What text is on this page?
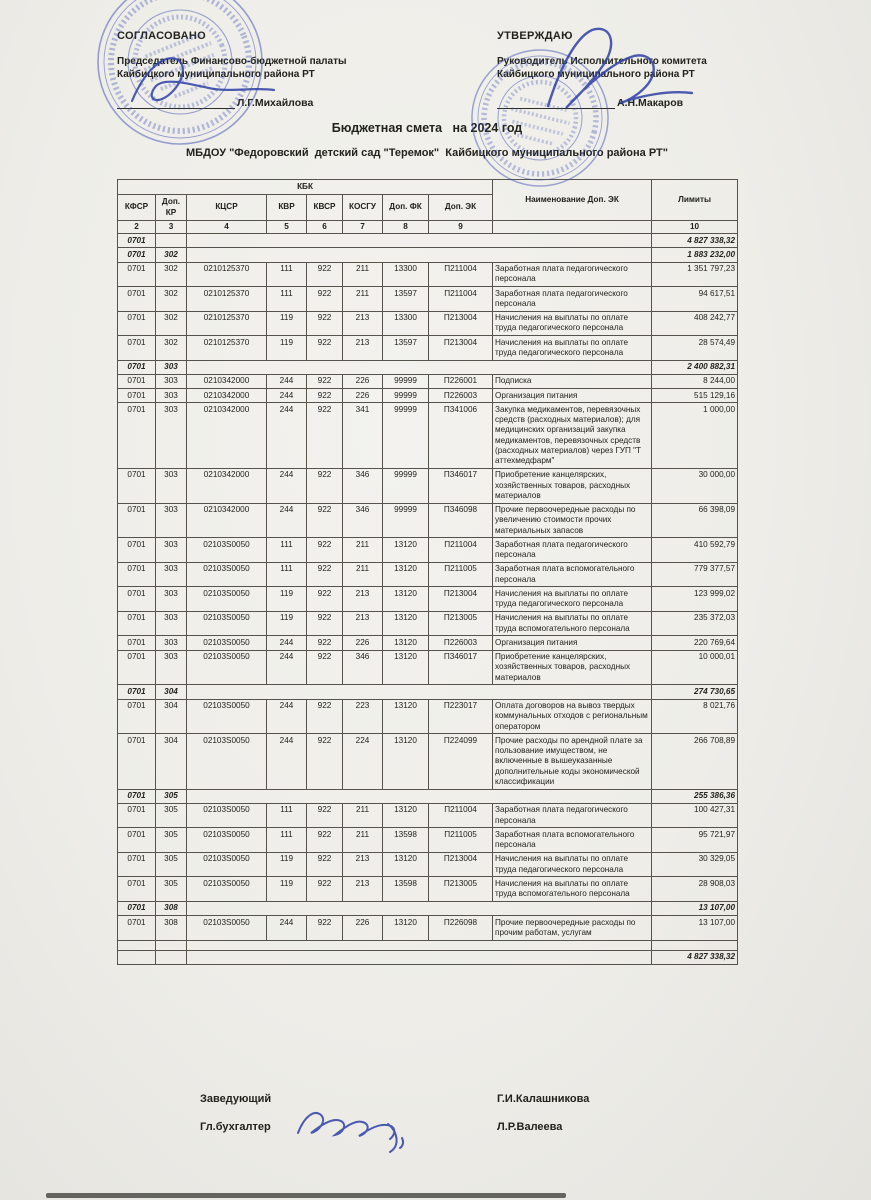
СОГЛАСОВАНО
Председатель Финансово-бюджетной палаты
Кайбицкого муниципального района РТ
Л.Г.Михайлова
УТВЕРЖДАЮ
Руководитель Исполнительного комитета
Кайбицкого муниципального района РТ
А.Н.Макаров
Бюджетная смета   на 2024 год
МБДОУ "Федоровский  детский сад "Теремок"  Кайбицкого муниципального района РТ"
КБК								Наименование Доп. ЭК	Лимиты
КФСР	Доп. КР	КЦСР	КВР	КВСР	КОСГУ	Доп. ФК	Доп. ЭК		
2	3	4	5	6	7	8	9		10
0701									4 827 338,32
0701	302								1 883 232,00
0701	302	0210125370	111	922	211	13300	П211004	Заработная плата педагогического персонала	1 351 797,23
0701	302	0210125370	111	922	211	13597	П211004	Заработная плата педагогического персонала	94 617,51
0701	302	0210125370	119	922	213	13300	П213004	Начисления на выплаты по оплате труда педагогического персонала	408 242,77
0701	302	0210125370	119	922	213	13597	П213004	Начисления на выплаты по оплате труда педагогического персонала	28 574,49
0701	303								2 400 882,31
0701	303	0210342000	244	922	226	99999	П226001	Подписка	8 244,00
0701	303	0210342000	244	922	226	99999	П226003	Организация питания	515 129,16
0701	303	0210342000	244	922	341	99999	П341006	Закупка медикаментов, перевязочных средств (расходных материалов); для медицинских организаций закупка медикаментов, перевязочных средств (расходных материалов) через ГУП "Т аттехмедфарм"	1 000,00
0701	303	0210342000	244	922	346	99999	П346017	Приобретение канцелярских, хозяйственных товаров, расходных материалов	30 000,00
0701	303	0210342000	244	922	346	99999	П346098	Прочие первоочередные расходы по увеличению стоимости прочих материальных запасов	66 398,09
0701	303	02103S0050	111	922	211	13120	П211004	Заработная плата педагогического персонала	410 592,79
0701	303	02103S0050	111	922	211	13120	П211005	Заработная плата вспомогательного персонала	779 377,57
0701	303	02103S0050	119	922	213	13120	П213004	Начисления на выплаты по оплате труда педагогического персонала	123 999,02
0701	303	02103S0050	119	922	213	13120	П213005	Начисления на выплаты по оплате труда вспомогательного персонала	235 372,03
0701	303	02103S0050	244	922	226	13120	П226003	Организация питания	220 769,64
0701	303	02103S0050	244	922	346	13120	П346017	Приобретение канцелярских, хозяйственных товаров, расходных материалов	10 000,01
0701	304								274 730,65
0701	304	02103S0050	244	922	223	13120	П223017	Оплата договоров на вывоз твердых коммунальных отходов с региональным оператором	8 021,76
0701	304	02103S0050	244	922	224	13120	П224099	Прочие расходы по арендной плате за пользование имуществом, не включенные в вышеуказанные дополнительные коды экономической классификации	266 708,89
0701	305								255 386,36
0701	305	02103S0050	111	922	211	13120	П211004	Заработная плата педагогического персонала	100 427,31
0701	305	02103S0050	111	922	211	13598	П211005	Заработная плата вспомогательного персонала	95 721,97
0701	305	02103S0050	119	922	213	13120	П213004	Начисления на выплаты по оплате труда педагогического персонала	30 329,05
0701	305	02103S0050	119	922	213	13598	П213005	Начисления на выплаты по оплате труда вспомогательного персонала	28 908,03
0701	308								13 107,00
0701	308	02103S0050	244	922	226	13120	П226098	Прочие первоочередные расходы по прочим работам, услугам	13 107,00

									4 827 338,32
Заведующий	Г.И.Калашникова
Гл.бухгалтер	Л.Р.Валеева
